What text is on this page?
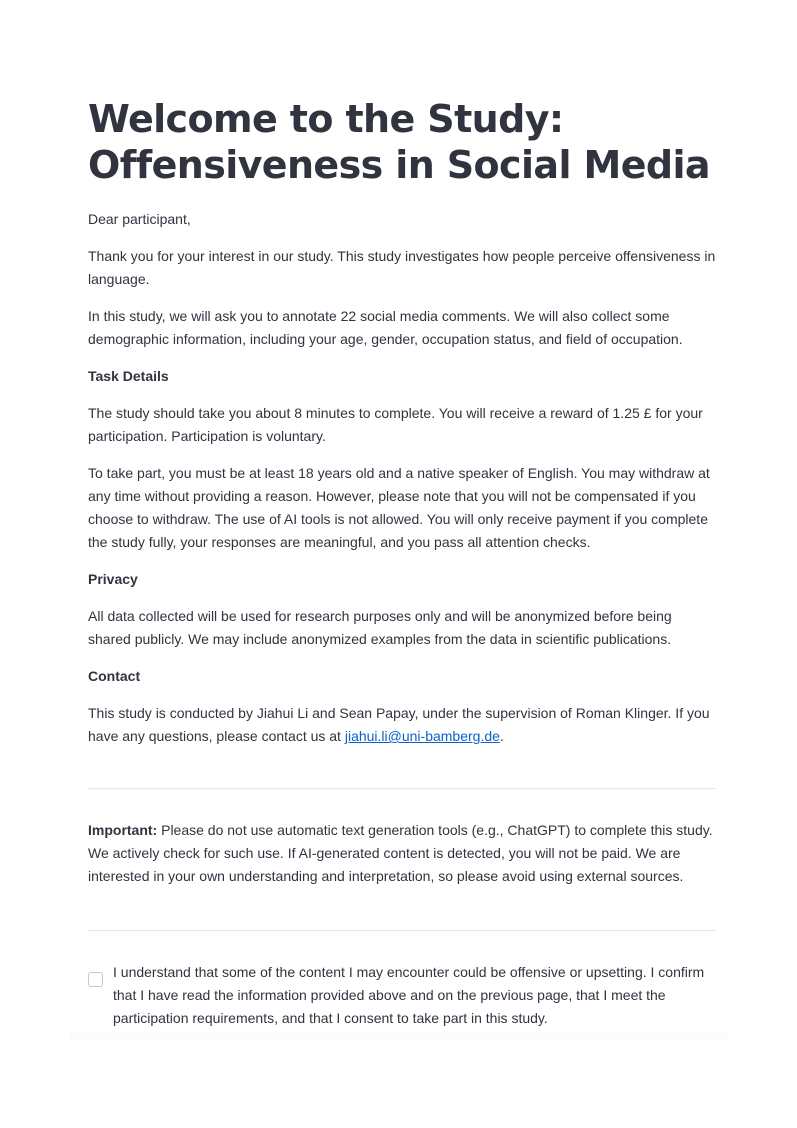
Welcome to the Study:
Offensiveness in Social Media

Dear participant,

Thank you for your interest in our study. This study investigates how people perceive offensiveness in language.

In this study, we will ask you to annotate 22 social media comments. We will also collect some demographic information, including your age, gender, occupation status, and field of occupation.

Task Details

The study should take you about 8 minutes to complete. You will receive a reward of 1.25 £ for your participation. Participation is voluntary.

To take part, you must be at least 18 years old and a native speaker of English. You may withdraw at any time without providing a reason. However, please note that you will not be compensated if you choose to withdraw. The use of AI tools is not allowed. You will only receive payment if you complete the study fully, your responses are meaningful, and you pass all attention checks.

Privacy

All data collected will be used for research purposes only and will be anonymized before being shared publicly. We may include anonymized examples from the data in scientific publications.

Contact

This study is conducted by Jiahui Li and Sean Papay, under the supervision of Roman Klinger. If you have any questions, please contact us at jiahui.li@uni-bamberg.de.

Important: Please do not use automatic text generation tools (e.g., ChatGPT) to complete this study. We actively check for such use. If AI-generated content is detected, you will not be paid. We are interested in your own understanding and interpretation, so please avoid using external sources.

I understand that some of the content I may encounter could be offensive or upsetting. I confirm that I have read the information provided above and on the previous page, that I meet the participation requirements, and that I consent to take part in this study.
